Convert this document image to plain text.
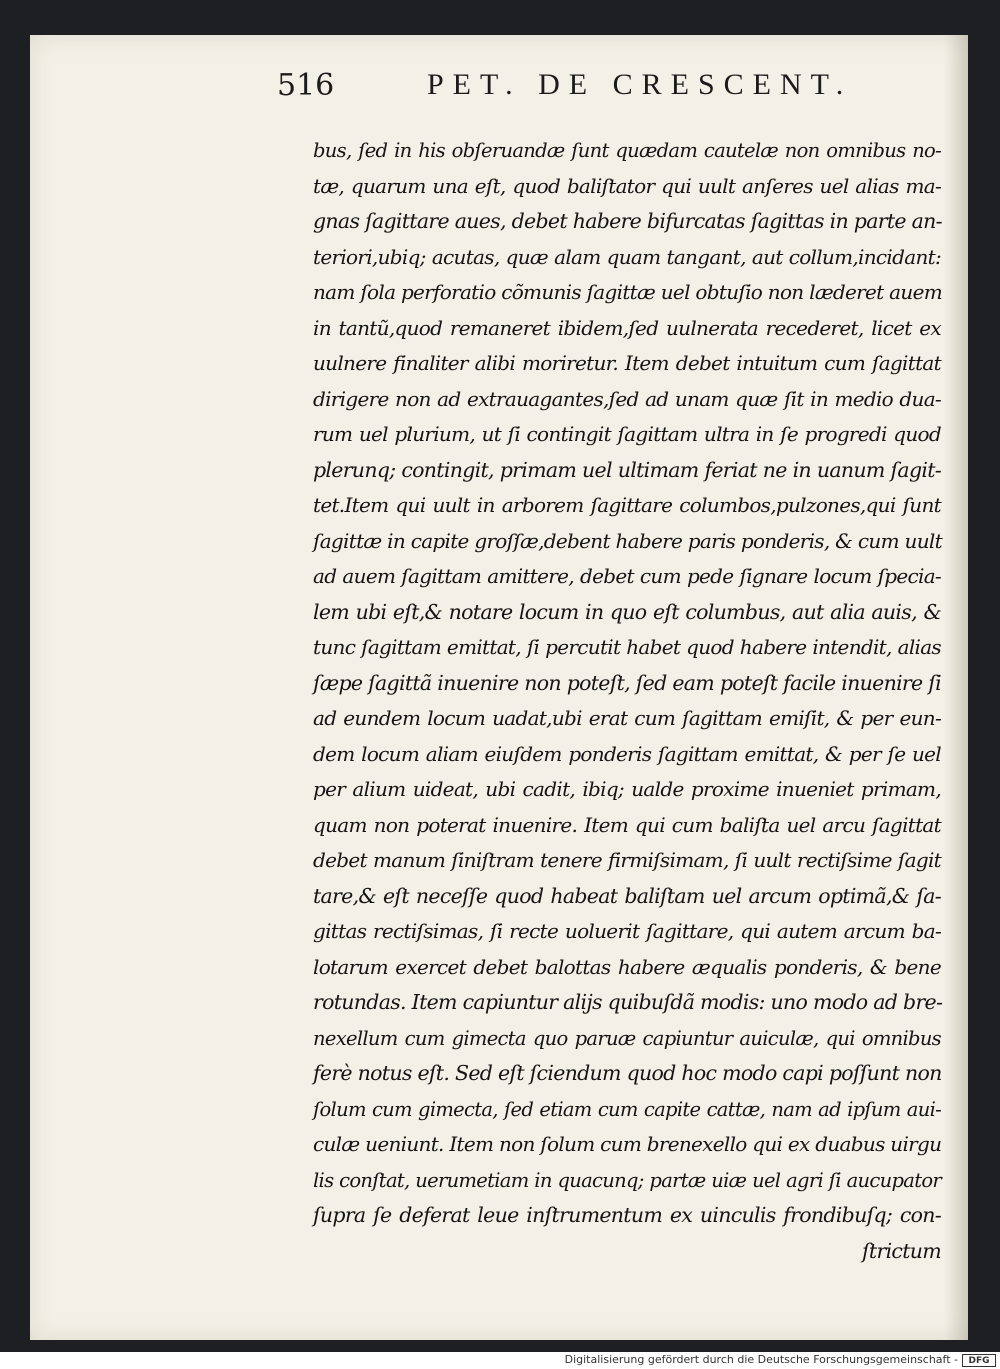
516	PET. DE CRESCENT.
bus, ſed in his obſeruandæ ſunt quædam cautelæ non omnibus no-
tæ, quarum una eſt, quod baliſtator qui uult anſeres uel alias ma-
gnas ſagittare aues, debet habere bifurcatas ſagittas in parte an-
teriori,ubiq; acutas, quæ alam quam tangant, aut collum,incidant:
nam ſola perforatio cõmunis ſagittæ uel obtuſio non læderet auem
in tantũ,quod remaneret ibidem,ſed uulnerata recederet, licet ex
uulnere finaliter alibi moriretur. Item debet intuitum cum ſagittat
dirigere non ad extrauagantes,ſed ad unam quæ ſit in medio dua-
rum uel plurium, ut ſi contingit ſagittam ultra in ſe progredi quod
plerunq; contingit, primam uel ultimam feriat ne in uanum ſagit-
tet.Item qui uult in arborem ſagittare columbos,pulzones,qui ſunt
ſagittæ in capite groſſæ,debent habere paris ponderis, & cum uult
ad auem ſagittam amittere, debet cum pede ſignare locum ſpecia-
lem ubi eſt,& notare locum in quo eſt columbus, aut alia auis, &
tunc ſagittam emittat, ſi percutit habet quod habere intendit, alias
ſæpe ſagittã inuenire non poteſt, ſed eam poteſt facile inuenire ſi
ad eundem locum uadat,ubi erat cum ſagittam emiſit, & per eun-
dem locum aliam eiuſdem ponderis ſagittam emittat, & per ſe uel
per alium uideat, ubi cadit, ibiq; ualde proxime inueniet primam,
quam non poterat inuenire. Item qui cum baliſta uel arcu ſagittat
debet manum ſiniſtram tenere firmiſsimam, ſi uult rectiſsime ſagit
tare,& eſt neceſſe quod habeat baliſtam uel arcum optimã,& ſa-
gittas rectiſsimas, ſi recte uoluerit ſagittare, qui autem arcum ba-
lotarum exercet debet balottas habere æqualis ponderis, & bene
rotundas. Item capiuntur alijs quibuſdã modis: uno modo ad bre-
nexellum cum gimecta quo paruæ capiuntur auiculæ, qui omnibus
ferè notus eſt. Sed eſt ſciendum quod hoc modo capi poſſunt non
ſolum cum gimecta, ſed etiam cum capite cattæ, nam ad ipſum aui-
culæ ueniunt. Item non ſolum cum brenexello qui ex duabus uirgu
lis conſtat, uerumetiam in quacunq; partæ uiæ uel agri ſi aucupator
ſupra ſe deferat leue inſtrumentum ex uinculis frondibuſq; con-
ſtrictum
Digitalisierung gefördert durch die Deutsche Forschungsgemeinschaft -	DFG
